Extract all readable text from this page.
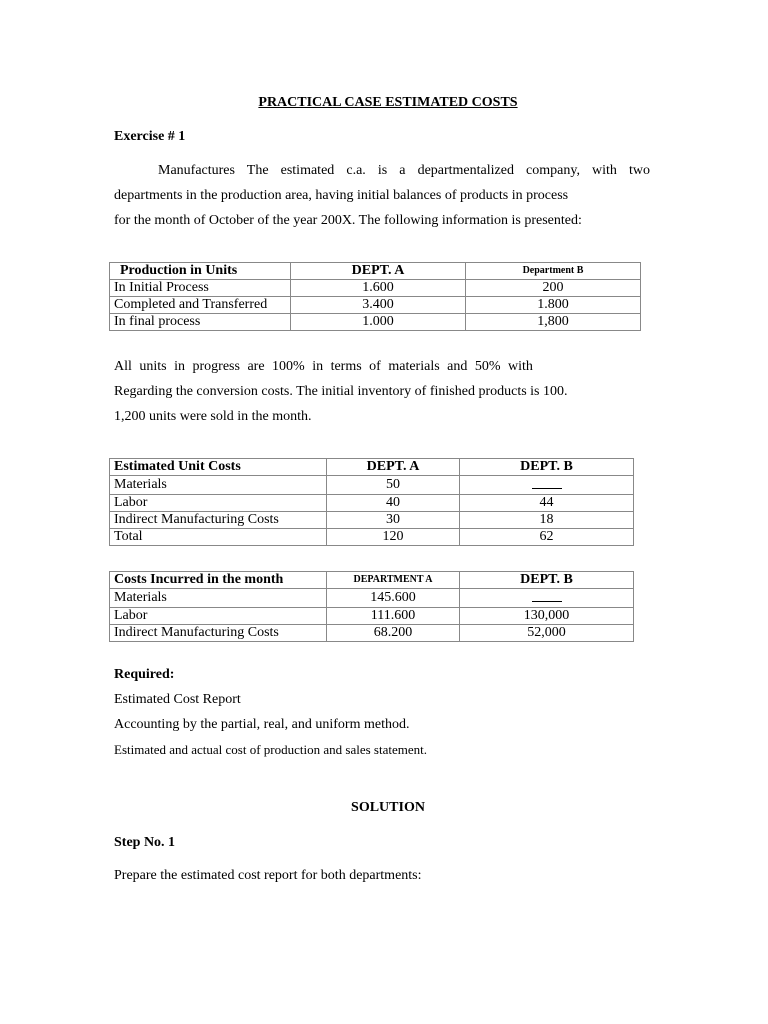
PRACTICAL CASE ESTIMATED COSTS
Exercise # 1
Manufactures The estimated c.a. is a departmentalized company, with two
departments in the production area, having initial balances of products in process
for the month of October of the year 200X. The following information is presented:
Production in Units	DEPT. A	Department B
In Initial Process	1.600	200
Completed and Transferred	3.400	1.800
In final process	1.000	1,800
All units in progress are 100% in terms of materials and 50% with
Regarding the conversion costs. The initial inventory of finished products is 100.
1,200 units were sold in the month.
Estimated Unit Costs	DEPT. A	DEPT. B
Materials	50	
Labor	40	44
Indirect Manufacturing Costs	30	18
Total	120	62
Costs Incurred in the month	DEPARTMENT A	DEPT. B
Materials	145.600	
Labor	111.600	130,000
Indirect Manufacturing Costs	68.200	52,000
Required:
Estimated Cost Report
Accounting by the partial, real, and uniform method.
Estimated and actual cost of production and sales statement.
SOLUTION
Step No. 1
Prepare the estimated cost report for both departments:
